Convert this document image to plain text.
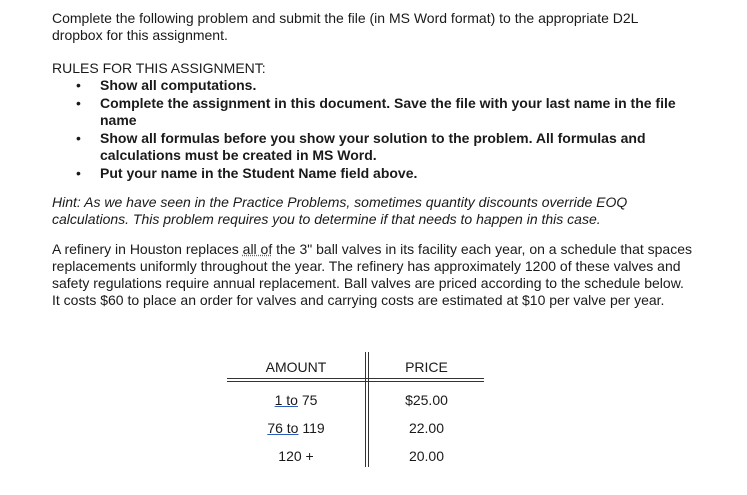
Complete the following problem and submit the file (in MS Word format) to the appropriate D2L dropbox for this assignment.

RULES FOR THIS ASSIGNMENT:

• Show all computations.
• Complete the assignment in this document. Save the file with your last name in the file name
• Show all formulas before you show your solution to the problem. All formulas and calculations must be created in MS Word.
• Put your name in the Student Name field above.

Hint: As we have seen in the Practice Problems, sometimes quantity discounts override EOQ calculations. This problem requires you to determine if that needs to happen in this case.

A refinery in Houston replaces all of the 3" ball valves in its facility each year, on a schedule that spaces replacements uniformly throughout the year. The refinery has approximately 1200 of these valves and safety regulations require annual replacement. Ball valves are priced according to the schedule below. It costs $60 to place an order for valves and carrying costs are estimated at $10 per valve per year.

AMOUNT	PRICE
1 to 75	$25.00
76 to 119	22.00
120 +	20.00
